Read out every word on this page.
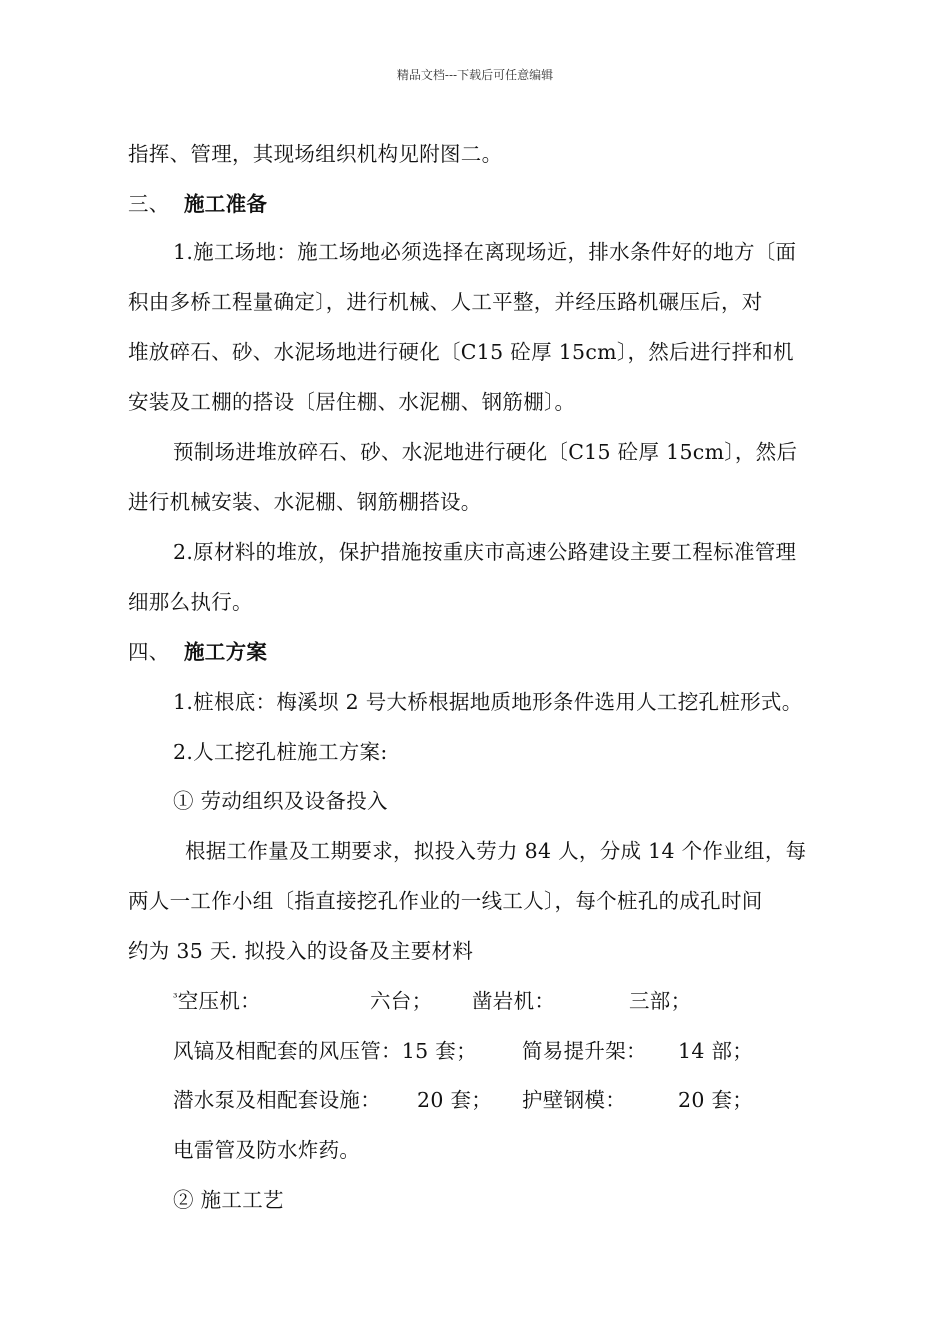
精品文档---下载后可任意编辑
指挥、管理，其现场组织机构见附图二。
三、 施工准备
1.施工场地：施工场地必须选择在离现场近，排水条件好的地方〔面
积由多桥工程量确定〕，进行机械、人工平整，并经压路机碾压后，对
堆放碎石、砂、水泥场地进行硬化〔C15 砼厚 15cm〕，然后进行拌和机
安装及工棚的搭设〔居住棚、水泥棚、钢筋棚〕。
预制场进堆放碎石、砂、水泥地进行硬化〔C15 砼厚 15cm〕，然后
进行机械安装、水泥棚、钢筋棚搭设。
2.原材料的堆放，保护措施按重庆市高速公路建设主要工程标准管理
细那么执行。
四、 施工方案
1.桩根底：梅溪坝 2 号大桥根据地质地形条件选用人工挖孔桩形式。
2.人工挖孔桩施工方案:
① 劳动组织及设备投入
根据工作量及工期要求，拟投入劳力 84 人，分成 14 个作业组，每
两人一工作小组〔指直接挖孔作业的一线工人〕，每个桩孔的成孔时间
约为 35 天. 拟投入的设备及主要材料
$^{^3}$空压机：	六台； 凿岩机：	三部；
风镐及相配套的风压管：15 套； 简易提升架： 14 部；
潜水泵及相配套设施： 20 套； 护壁钢模：	20 套；
电雷管及防水炸药。
② 施工工艺
